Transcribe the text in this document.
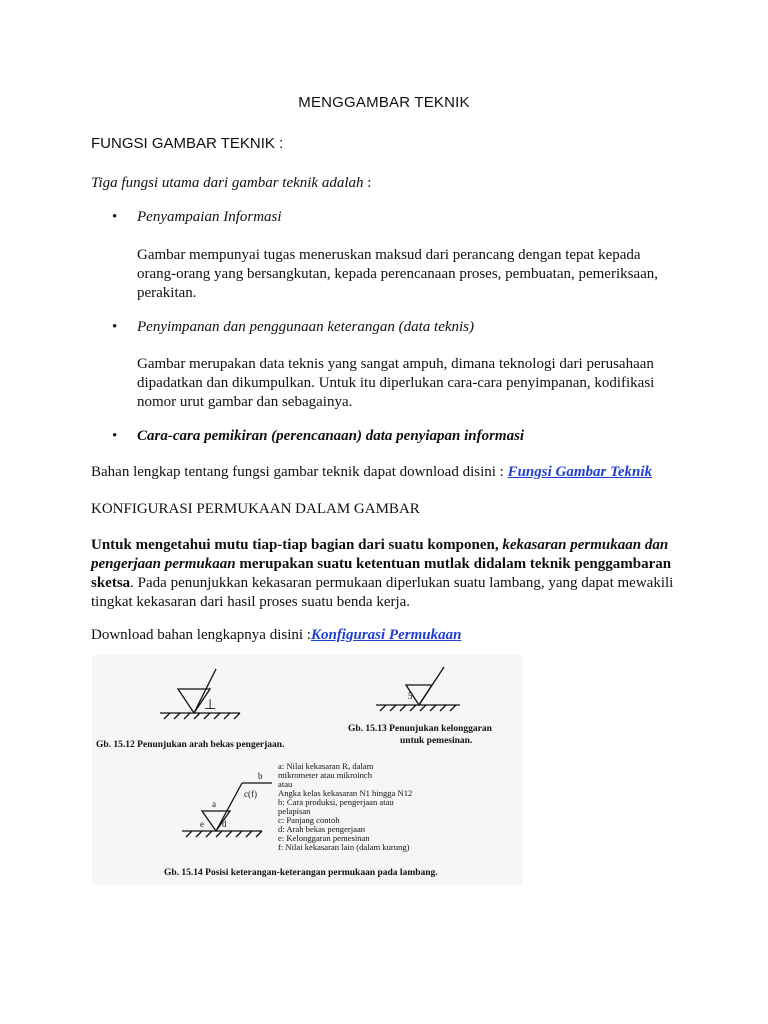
MENGGAMBAR TEKNIK
FUNGSI GAMBAR TEKNIK :
Tiga fungsi utama dari gambar teknik adalah :
• Penyampaian Informasi
Gambar mempunyai tugas meneruskan maksud dari perancang dengan tepat kepada
orang-orang yang bersangkutan, kepada perencanaan proses, pembuatan, pemeriksaan,
perakitan.
• Penyimpanan dan penggunaan keterangan (data teknis)
Gambar merupakan data teknis yang sangat ampuh, dimana teknologi dari perusahaan
dipadatkan dan dikumpulkan. Untuk itu diperlukan cara-cara penyimpanan, kodifikasi
nomor urut gambar dan sebagainya.
• Cara-cara pemikiran (perencanaan) data penyiapan informasi
Bahan lengkap tentang fungsi gambar teknik dapat download disini : Fungsi Gambar Teknik
KONFIGURASI PERMUKAAN DALAM GAMBAR
Untuk mengetahui mutu tiap-tiap bagian dari suatu komponen, kekasaran permukaan dan
pengerjaan permukaan merupakan suatu ketentuan mutlak didalam teknik penggambaran
sketsa. Pada penunjukkan kekasaran permukaan diperlukan suatu lambang, yang dapat mewakili
tingkat kekasaran dari hasil proses suatu benda kerja.
Download bahan lengkapnya disini :Konfigurasi Permukaan
⊥
Gb. 15.12 Penunjukan arah bekas pengerjaan.
5
Gb. 15.13 Penunjukan kelonggaran
untuk pemesinan.
a
b
c(f)
e d
a: Nilai kekasaran Rₐ dalam
mikrometer atau mikroinch
atau
Angka kelas kekasaran N1 hingga N12
b: Cara produksi, pengerjaan atau
pelapisan
c: Panjang contoh
d: Arah bekas pengerjaan
e: Kelonggaran pemesinan
f: Nilai kekasaran lain (dalam kurung)
Gb. 15.14 Posisi keterangan-keterangan permukaan pada lambang.
